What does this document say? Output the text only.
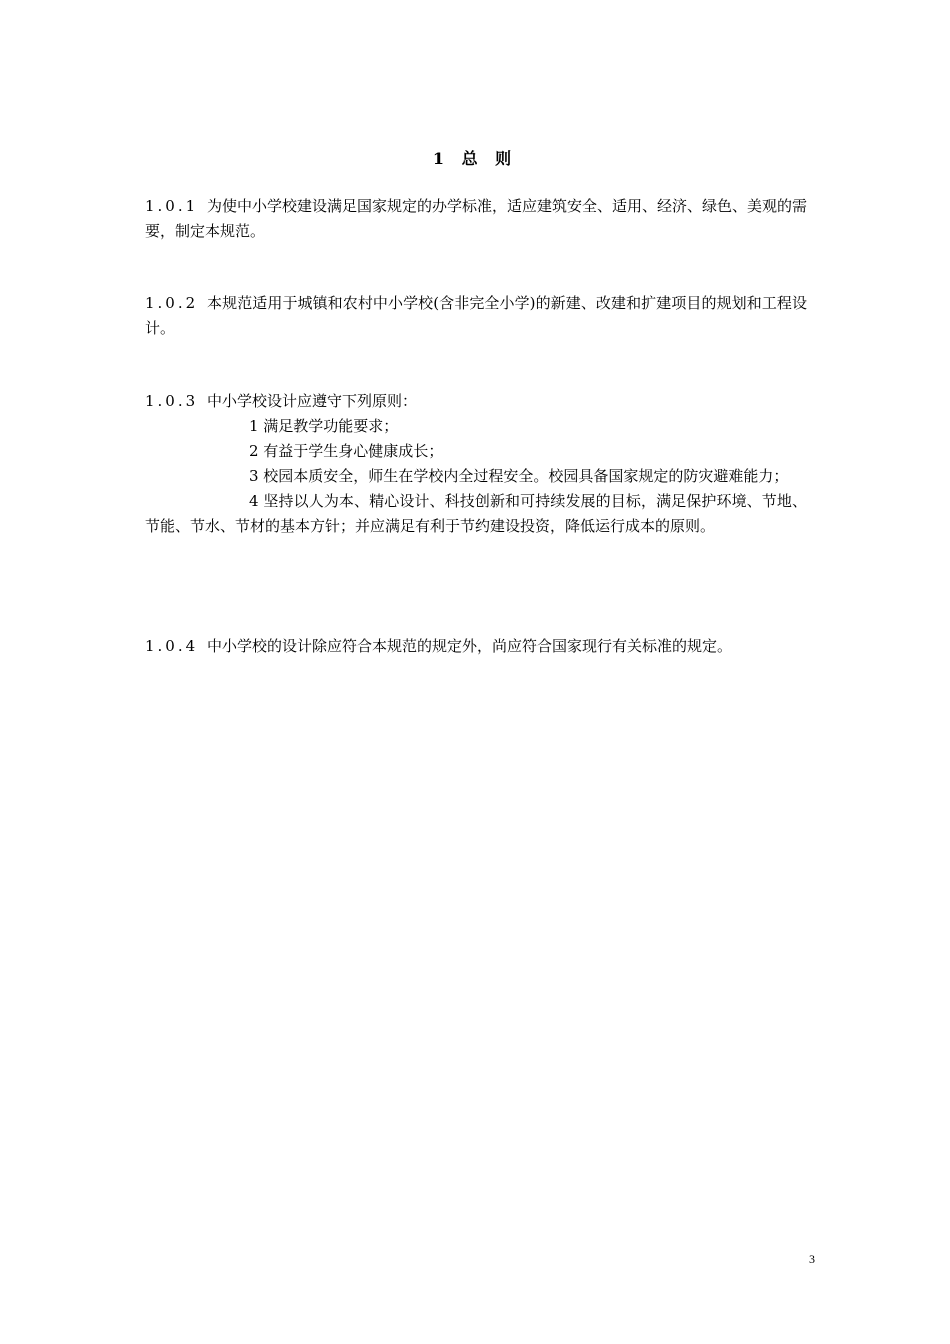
1 总 则
1.0.1 为使中小学校建设满足国家规定的办学标准，适应建筑安全、适用、经济、绿色、美观的需要，制定本规范。
1.0.2 本规范适用于城镇和农村中小学校(含非完全小学)的新建、改建和扩建项目的规划和工程设计。
1.0.3 中小学校设计应遵守下列原则：
1 满足教学功能要求；
2 有益于学生身心健康成长；
3 校园本质安全，师生在学校内全过程安全。校园具备国家规定的防灾避难能力；
4 坚持以人为本、精心设计、科技创新和可持续发展的目标，满足保护环境、节地、节能、节水、节材的基本方针；并应满足有利于节约建设投资，降低运行成本的原则。
1.0.4 中小学校的设计除应符合本规范的规定外，尚应符合国家现行有关标准的规定。
3
